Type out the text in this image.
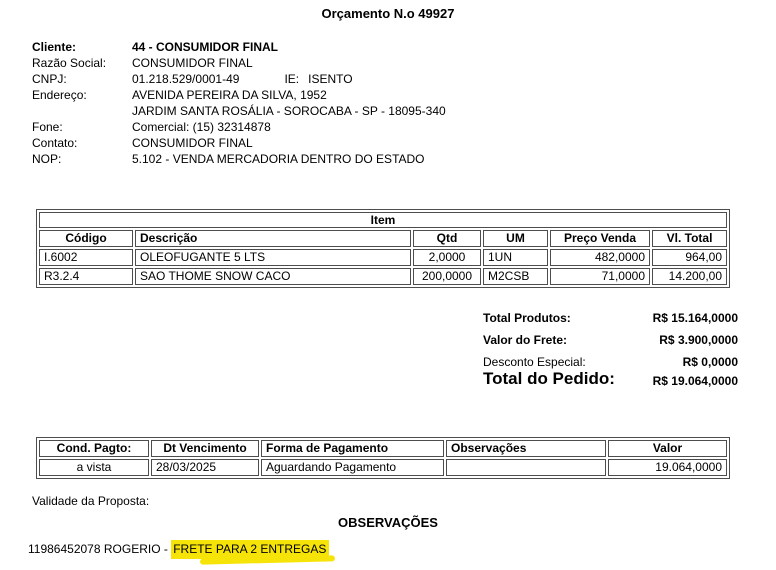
Orçamento N.o 49927
Cliente:	44 - CONSUMIDOR FINAL
Razão Social:	CONSUMIDOR FINAL
CNPJ:	01.218.529/0001-49	IE: ISENTO
Endereço:	AVENIDA PEREIRA DA SILVA, 1952
JARDIM SANTA ROSÁLIA - SOROCABA - SP - 18095-340
Fone:	Comercial: (15) 32314878
Contato:	CONSUMIDOR FINAL
NOP:	5.102 - VENDA MERCADORIA DENTRO DO ESTADO
Item					
Código	Descrição	Qtd	UM	Preço Venda	Vl. Total
I.6002	OLEOFUGANTE 5 LTS	2,0000	1UN	482,0000	964,00
R3.2.4	SAO THOME SNOW CACO	200,0000	M2CSB	71,0000	14.200,00
Total Produtos:	R$ 15.164,0000
Valor do Frete:	R$ 3.900,0000
Desconto Especial:	R$ 0,0000
Total do Pedido:	R$ 19.064,0000
Cond. Pagto:	Dt Vencimento	Forma de Pagamento	Observações	Valor
a vista	28/03/2025	Aguardando Pagamento		19.064,0000
Validade da Proposta:
OBSERVAÇÕES
11986452078 ROGERIO - FRETE PARA 2 ENTREGAS
